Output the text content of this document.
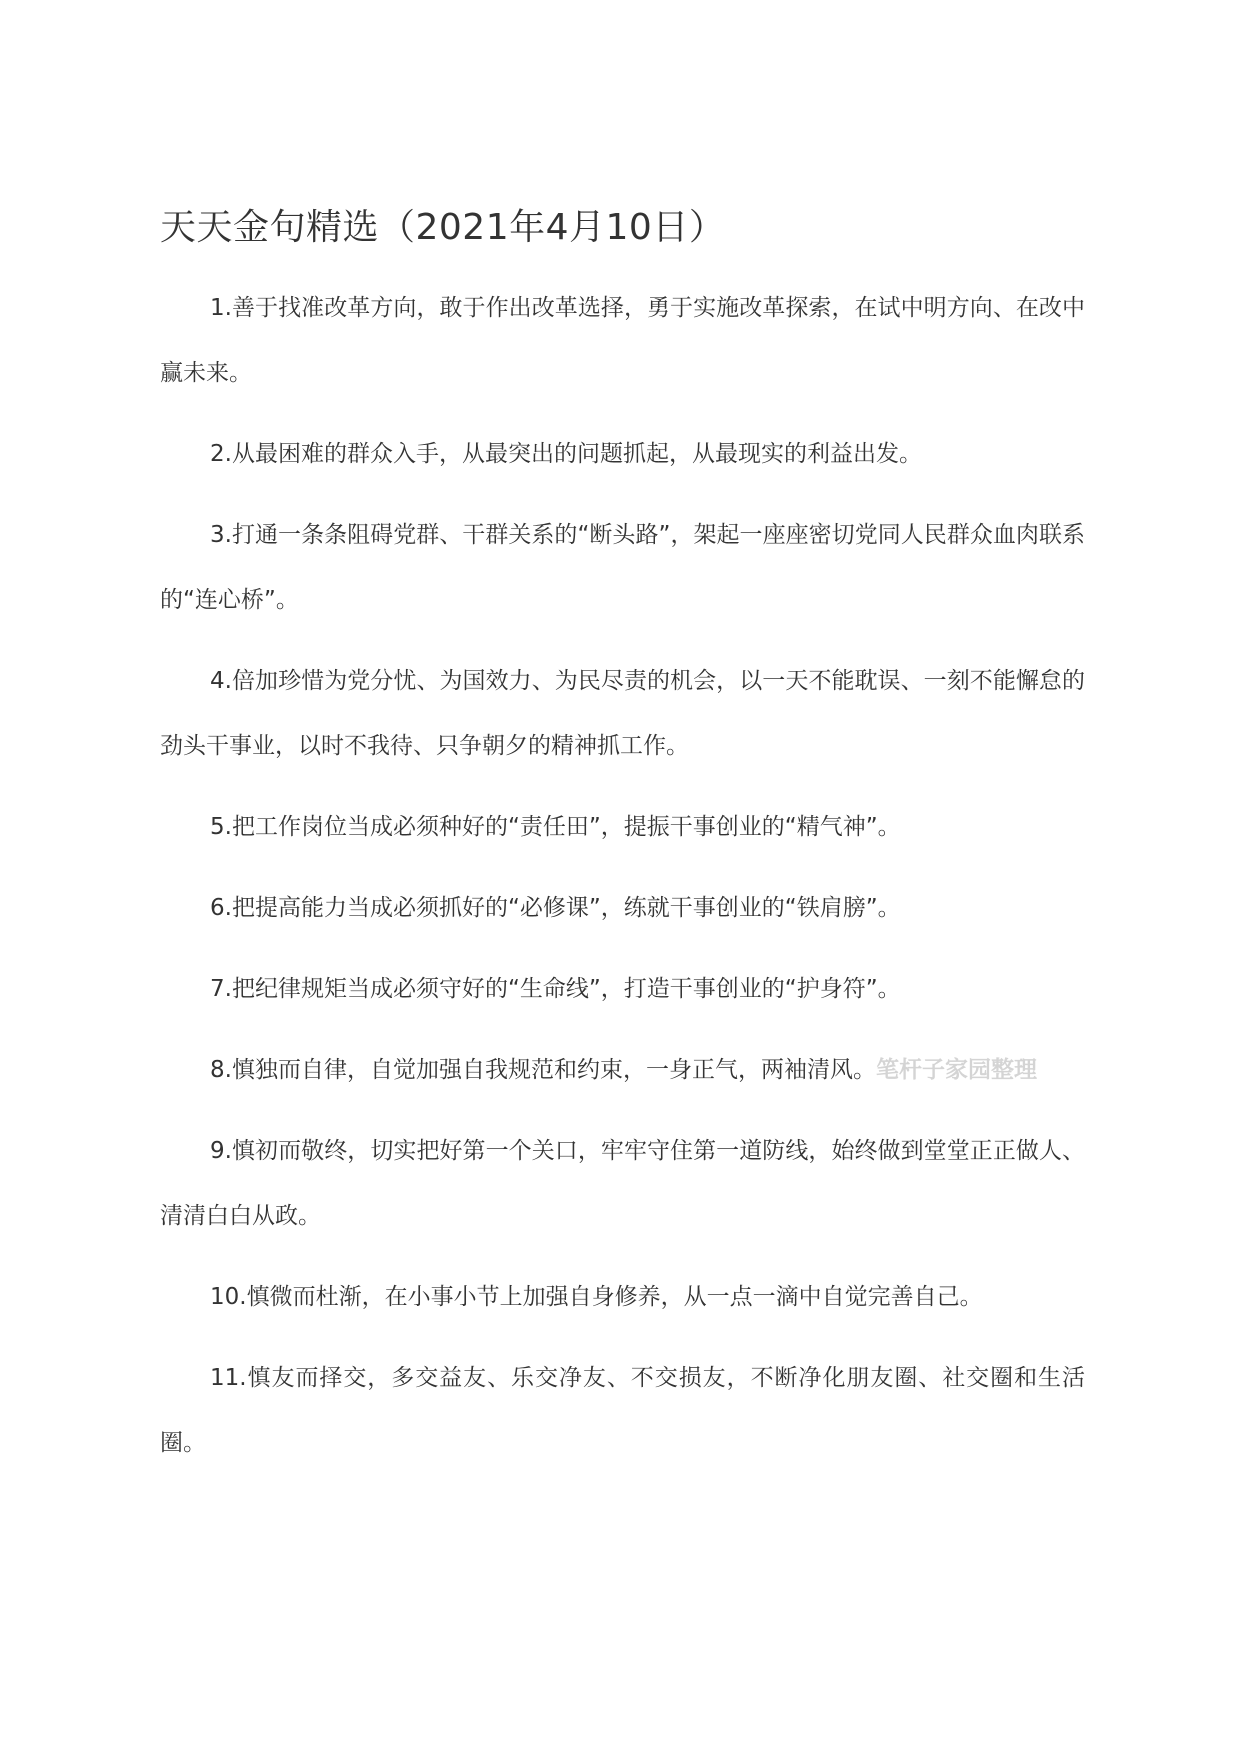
天天金句精选（2021年4月10日）

1.善于找准改革方向，敢于作出改革选择，勇于实施改革探索，在试中明方向、在改中赢未来。

2.从最困难的群众入手，从最突出的问题抓起，从最现实的利益出发。

3.打通一条条阻碍党群、干群关系的“断头路”，架起一座座密切党同人民群众血肉联系的“连心桥”。

4.倍加珍惜为党分忧、为国效力、为民尽责的机会，以一天不能耽误、一刻不能懈怠的劲头干事业，以时不我待、只争朝夕的精神抓工作。

5.把工作岗位当成必须种好的“责任田”，提振干事创业的“精气神”。

6.把提高能力当成必须抓好的“必修课”，练就干事创业的“铁肩膀”。

7.把纪律规矩当成必须守好的“生命线”，打造干事创业的“护身符”。

8.慎独而自律，自觉加强自我规范和约束，一身正气，两袖清风。笔杆子家园整理

9.慎初而敬终，切实把好第一个关口，牢牢守住第一道防线，始终做到堂堂正正做人、清清白白从政。

10.慎微而杜渐，在小事小节上加强自身修养，从一点一滴中自觉完善自己。

11.慎友而择交，多交益友、乐交净友、不交损友，不断净化朋友圈、社交圈和生活圈。
